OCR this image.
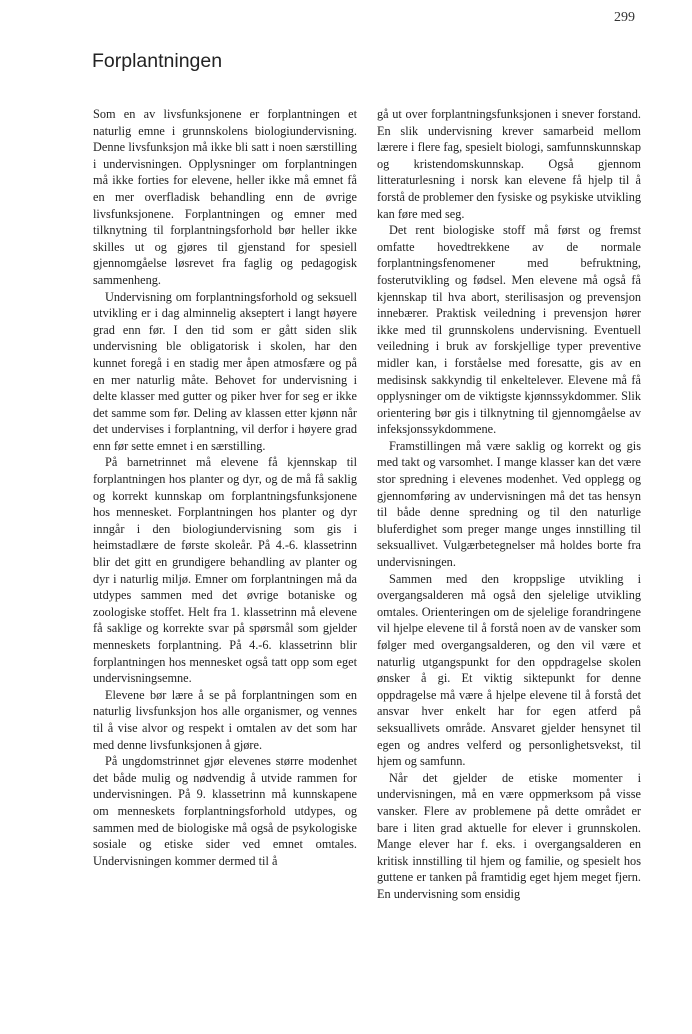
299
Forplantningen

Som en av livsfunksjonene er forplantningen et naturlig emne i grunnskolens biologiundervisning. Denne livsfunksjon må ikke bli satt i noen særstilling i undervisningen. Opplysninger om forplantningen må ikke forties for elevene, heller ikke må emnet få en mer overfladisk behandling enn de øvrige livsfunksjonene. Forplantningen og emner med tilknytning til forplantningsforhold bør heller ikke skilles ut og gjøres til gjenstand for spesiell gjennomgåelse løsrevet fra faglig og pedagogisk sammenheng.

Undervisning om forplantningsforhold og seksuell utvikling er i dag alminnelig akseptert i langt høyere grad enn før. I den tid som er gått siden slik undervisning ble obligatorisk i skolen, har den kunnet foregå i en stadig mer åpen atmosfære og på en mer naturlig måte. Behovet for undervisning i delte klasser med gutter og piker hver for seg er ikke det samme som før. Deling av klassen etter kjønn når det undervises i forplantning, vil derfor i høyere grad enn før sette emnet i en særstilling.

På barnetrinnet må elevene få kjennskap til forplantningen hos planter og dyr, og de må få saklig og korrekt kunnskap om forplantningsfunksjonene hos mennesket. Forplantningen hos planter og dyr inngår i den biologiundervisning som gis i heimstadlære de første skoleår. På 4.-6. klassetrinn blir det gitt en grundigere behandling av planter og dyr i naturlig miljø. Emner om forplantningen må da utdypes sammen med det øvrige botaniske og zoologiske stoffet. Helt fra 1. klassetrinn må elevene få saklige og korrekte svar på spørsmål som gjelder menneskets forplantning. På 4.-6. klassetrinn blir forplantningen hos mennesket også tatt opp som eget undervisningsemne.

Elevene bør lære å se på forplantningen som en naturlig livsfunksjon hos alle organismer, og vennes til å vise alvor og respekt i omtalen av det som har med denne livsfunksjonen å gjøre.

På ungdomstrinnet gjør elevenes større modenhet det både mulig og nødvendig å utvide rammen for undervisningen. På 9. klassetrinn må kunnskapene om menneskets forplantningsforhold utdypes, og sammen med de biologiske må også de psykologiske sosiale og etiske sider ved emnet omtales. Undervisningen kommer dermed til å

gå ut over forplantningsfunksjonen i snever forstand. En slik undervisning krever samarbeid mellom lærere i flere fag, spesielt biologi, samfunnskunnskap og kristendomskunnskap. Også gjennom litteraturlesning i norsk kan elevene få hjelp til å forstå de problemer den fysiske og psykiske utvikling kan føre med seg.

Det rent biologiske stoff må først og fremst omfatte hovedtrekkene av de normale forplantningsfenomener med befruktning, fosterutvikling og fødsel. Men elevene må også få kjennskap til hva abort, sterilisasjon og prevensjon innebærer. Praktisk veiledning i prevensjon hører ikke med til grunnskolens undervisning. Eventuell veiledning i bruk av forskjellige typer preventive midler kan, i forståelse med foresatte, gis av en medisinsk sakkyndig til enkeltelever. Elevene må få opplysninger om de viktigste kjønnssykdommer. Slik orientering bør gis i tilknytning til gjennomgåelse av infeksjonssykdommene.

Framstillingen må være saklig og korrekt og gis med takt og varsomhet. I mange klasser kan det være stor spredning i elevenes modenhet. Ved opplegg og gjennomføring av undervisningen må det tas hensyn til både denne spredning og til den naturlige bluferdighet som preger mange unges innstilling til seksuallivet. Vulgærbetegnelser må holdes borte fra undervisningen.

Sammen med den kroppslige utvikling i overgangsalderen må også den sjelelige utvikling omtales. Orienteringen om de sjelelige forandringene vil hjelpe elevene til å forstå noen av de vansker som følger med overgangsalderen, og den vil være et naturlig utgangspunkt for den oppdragelse skolen ønsker å gi. Et viktig siktepunkt for denne oppdragelse må være å hjelpe elevene til å forstå det ansvar hver enkelt har for egen atferd på seksuallivets område. Ansvaret gjelder hensynet til egen og andres velferd og personlighetsvekst, til hjem og samfunn.

Når det gjelder de etiske momenter i undervisningen, må en være oppmerksom på visse vansker. Flere av problemene på dette området er bare i liten grad aktuelle for elever i grunnskolen. Mange elever har f. eks. i overgangsalderen en kritisk innstilling til hjem og familie, og spesielt hos guttene er tanken på framtidig eget hjem meget fjern. En undervisning som ensidig
